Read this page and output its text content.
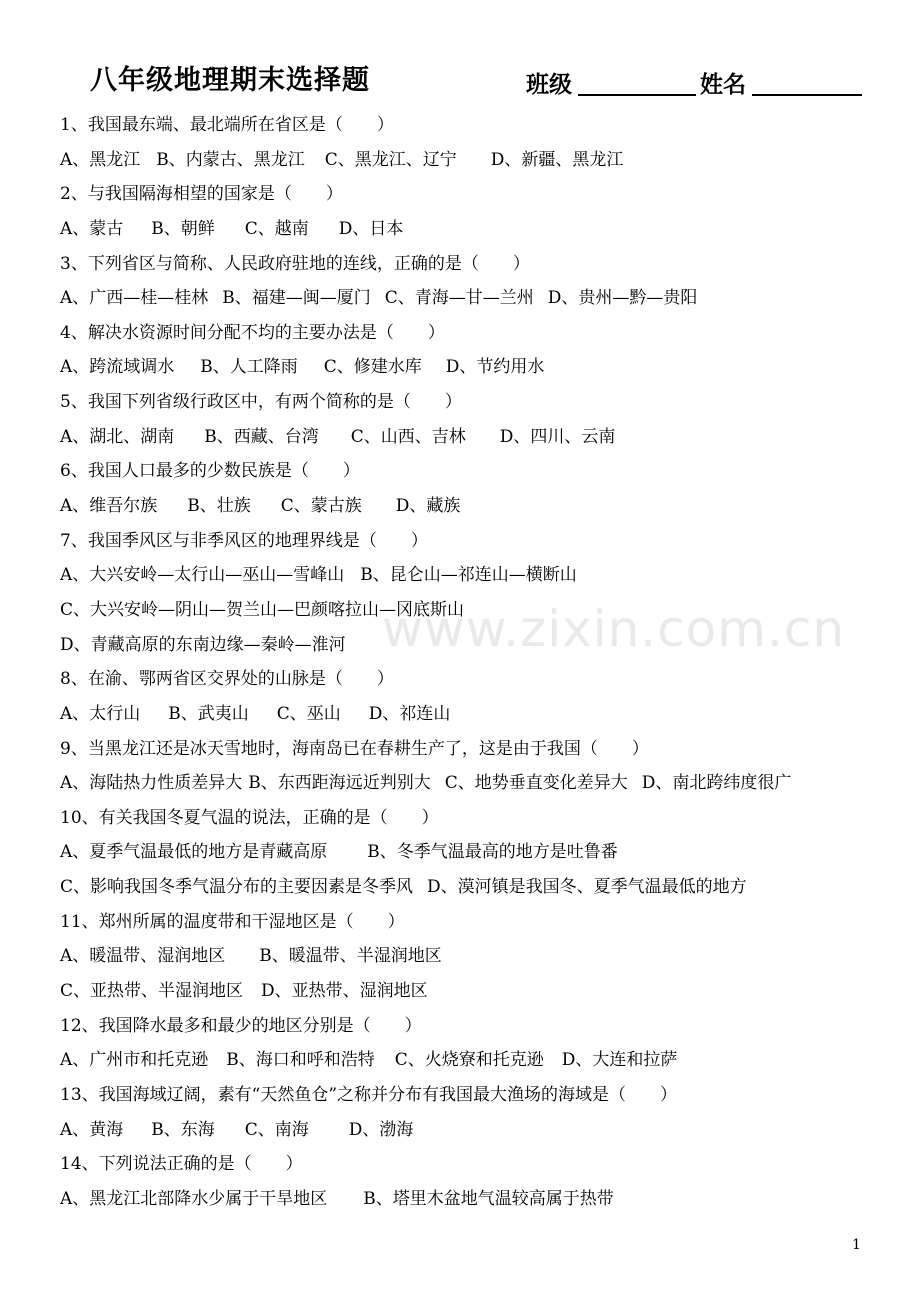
八年级地理期末选择题	班级	姓名
1、我国最东端、最北端所在省区是（　　）
A、黑龙江 B、内蒙古、黑龙江 C、黑龙江、辽宁 D、新疆、黑龙江
2、与我国隔海相望的国家是（　　）
A、蒙古 B、朝鲜 C、越南 D、日本
3、下列省区与简称、人民政府驻地的连线，正确的是（　　）
A、广西—桂—桂林 B、福建—闽—厦门 C、青海—甘—兰州 D、贵州—黔—贵阳
4、解决水资源时间分配不均的主要办法是（　　）
A、跨流域调水 B、人工降雨 C、修建水库 D、节约用水
5、我国下列省级行政区中，有两个简称的是（　　）
A、湖北、湖南 B、西藏、台湾 C、山西、吉林 D、四川、云南
6、我国人口最多的少数民族是（　　）
A、维吾尔族 B、壮族 C、蒙古族 D、藏族
7、我国季风区与非季风区的地理界线是（　　）
A、大兴安岭—太行山—巫山—雪峰山 B、昆仑山—祁连山—横断山
C、大兴安岭—阴山—贺兰山—巴颜喀拉山—冈底斯山
D、青藏高原的东南边缘—秦岭—淮河
8、在渝、鄂两省区交界处的山脉是（　　）
A、太行山 B、武夷山 C、巫山 D、祁连山
9、当黑龙江还是冰天雪地时，海南岛已在春耕生产了，这是由于我国（　　）
A、海陆热力性质差异大 B、东西距海远近判别大 C、地势垂直变化差异大 D、南北跨纬度很广
10、有关我国冬夏气温的说法，正确的是（　　）
A、夏季气温最低的地方是青藏高原 B、冬季气温最高的地方是吐鲁番
C、影响我国冬季气温分布的主要因素是冬季风 D、漠河镇是我国冬、夏季气温最低的地方
11、郑州所属的温度带和干湿地区是（　　）
A、暖温带、湿润地区 B、暖温带、半湿润地区
C、亚热带、半湿润地区 D、亚热带、湿润地区
12、我国降水最多和最少的地区分别是（　　）
A、广州市和托克逊 B、海口和呼和浩特 C、火烧寮和托克逊 D、大连和拉萨
13、我国海域辽阔，素有“天然鱼仓”之称并分布有我国最大渔场的海域是（　　）
A、黄海 B、东海 C、南海 D、渤海
14、下列说法正确的是（　　）
A、黑龙江北部降水少属于干旱地区 B、塔里木盆地气温较高属于热带
www.zixin.com.cn
1
